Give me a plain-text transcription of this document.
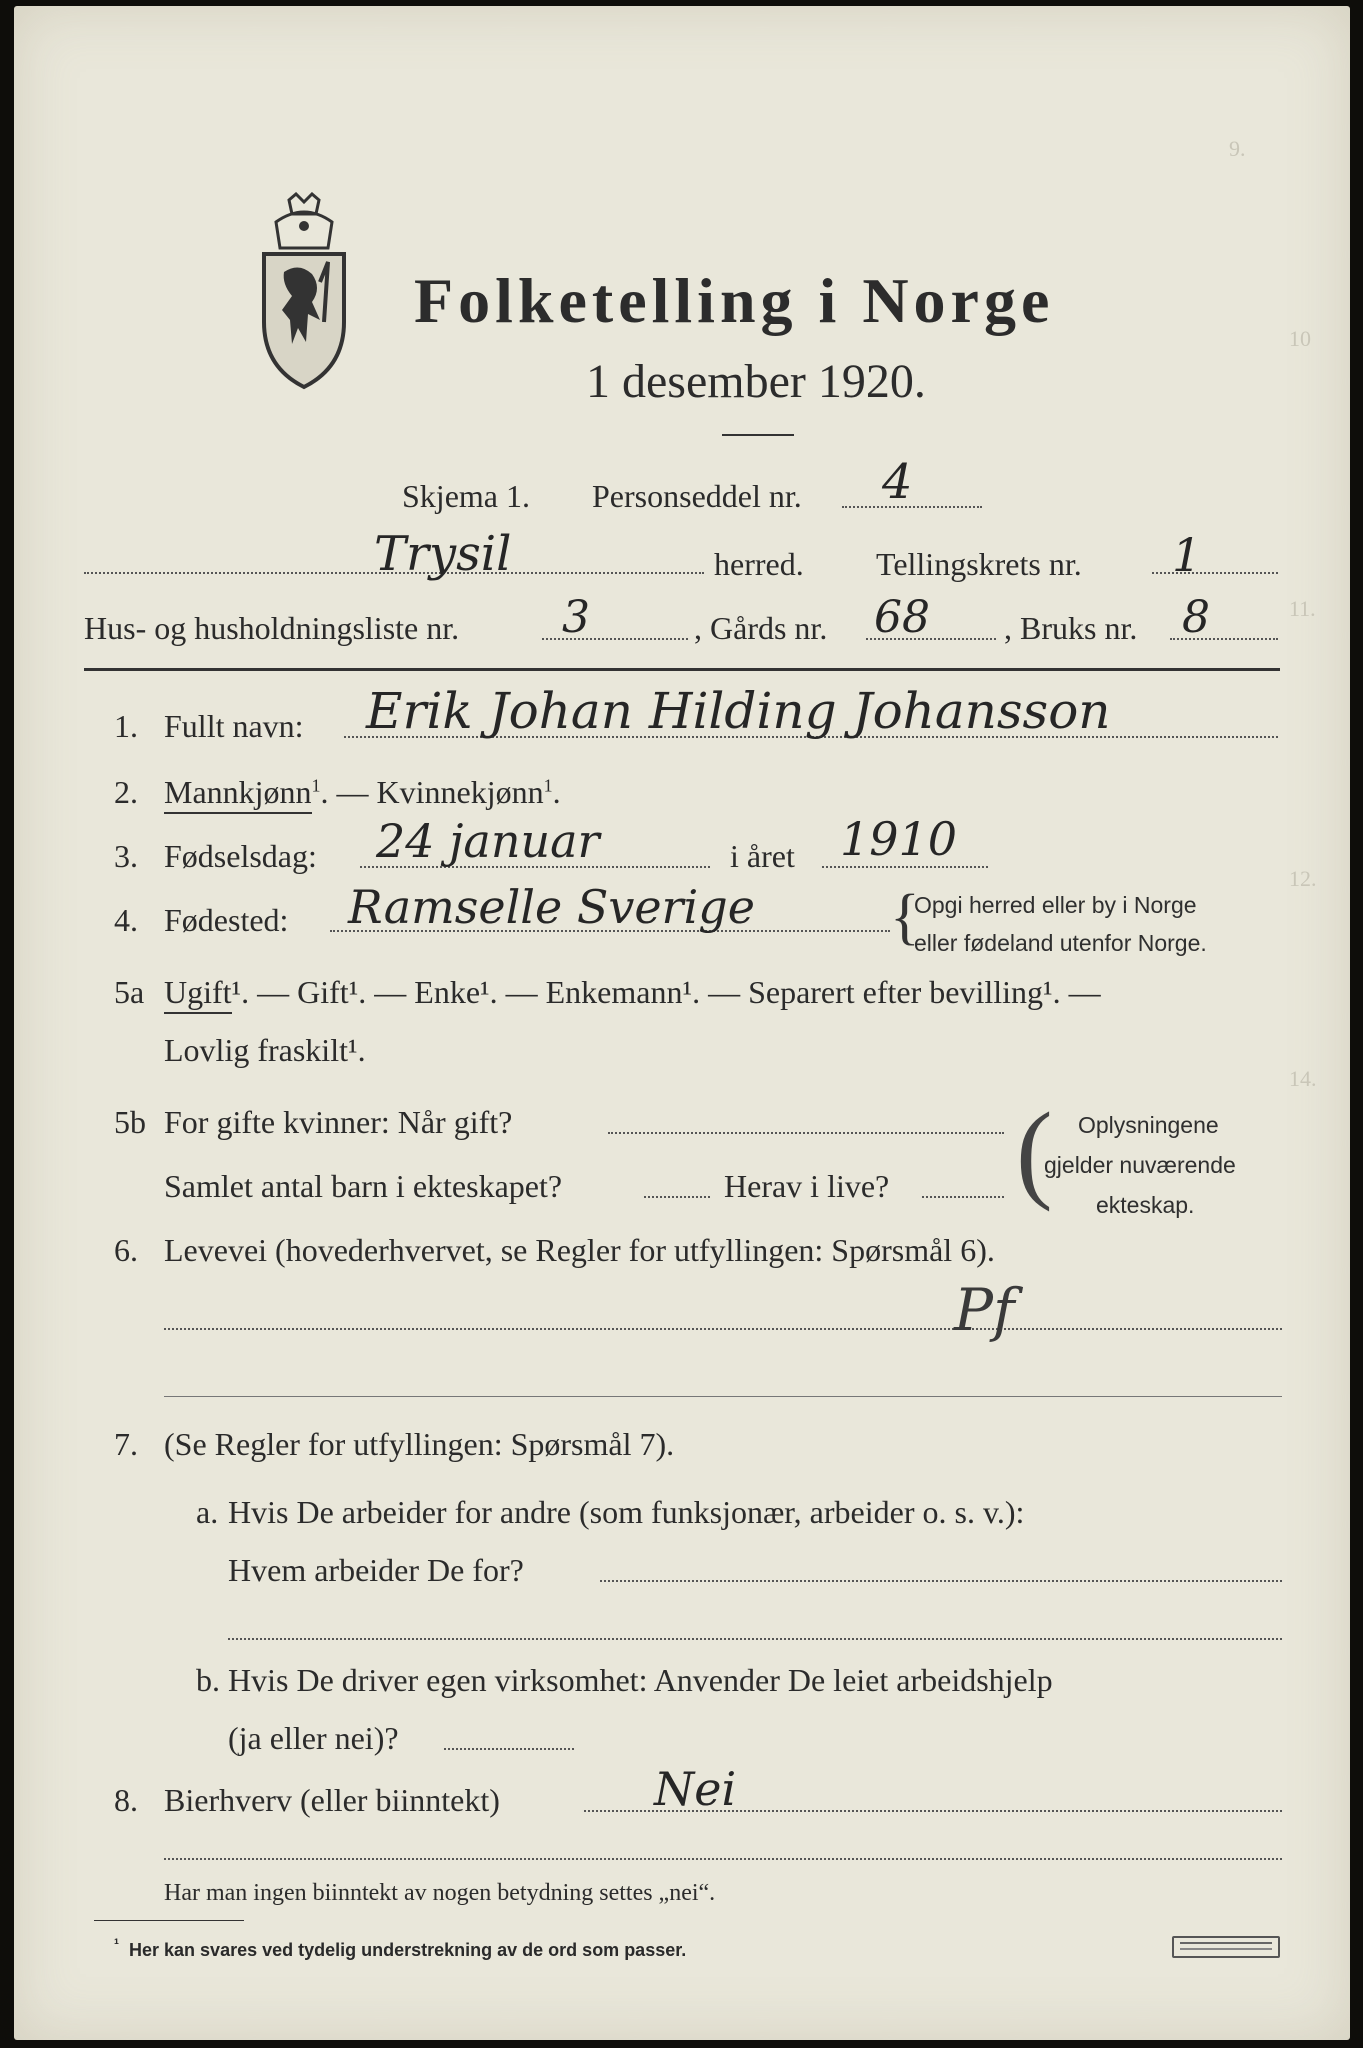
9.
10
11.
12.
14.
Folketelling i Norge
1 desember 1920.
Skjema 1. Personseddel nr. 4
Trysil	herred. Tellingskrets nr. 1
Hus- og husholdningsliste nr. 3	, Gårds nr. 68 , Bruks nr. 8
1. Fullt navn: Erik Johan Hilding Johansson
2. Mannkjønn$^1$. — Kvinnekjønn$^1$.
3. Fødselsdag: 24 januar	i året 1910
4. Fødested: Ramselle Sverige {
Opgi herred eller by i Norge
eller fødeland utenfor Norge.
5a Ugift¹. — Gift¹. — Enke¹. — Enkemann¹. — Separert efter bevilling¹. —
Lovlig fraskilt¹.
5b For gifte kvinner: Når gift?
Samlet antal barn i ekteskapet?	Herav i live? ( Oplysningene
gjelder nuværende
ekteskap.
6. Levevei (hovederhvervet, se Regler for utfyllingen: Spørsmål 6).
Pf
7. (Se Regler for utfyllingen: Spørsmål 7).
a. Hvis De arbeider for andre (som funksjonær, arbeider o. s. v.):
Hvem arbeider De for?
b. Hvis De driver egen virksomhet: Anvender De leiet arbeidshjelp
(ja eller nei)?
8. Bierhverv (eller biinntekt)	Nei
Har man ingen biinntekt av nogen betydning settes „nei“.
$^{^1}$ Her kan svares ved tydelig understrekning av de ord som passer.
